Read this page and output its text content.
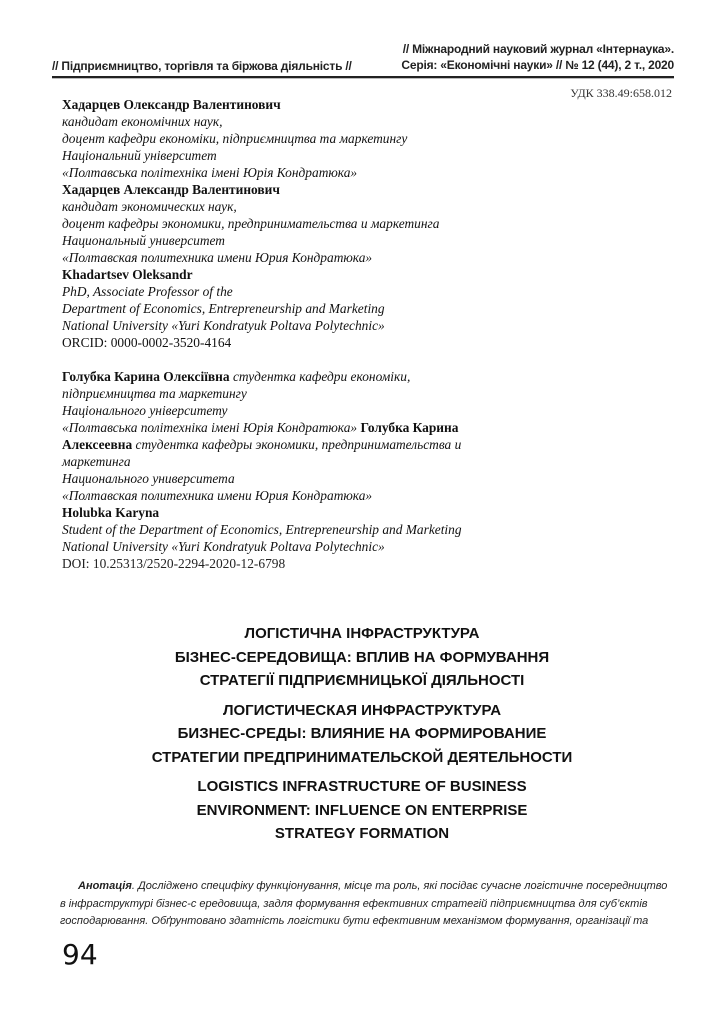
// Підприємництво, торгівля та біржова діяльність //
// Міжнародний науковий журнал «Інтернаука».
Серія: «Економічні науки» // № 12 (44), 2 т., 2020
УДК 338.49:658.012
Хадарцев Олександр Валентинович
кандидат економічних наук,
доцент кафедри економіки, підприємництва та маркетингу
Національний університет
«Полтавська політехніка імені Юрія Кондратюка»
Хадарцев Александр Валентинович
кандидат экономических наук,
доцент кафедры экономики, предпринимательства и маркетинга
Национальный университет
«Полтавская политехника имени Юрия Кондратюка»
Khadartsev Oleksandr
PhD, Associate Professor of the
Department of Economics, Entrepreneurship and Marketing
National University «Yuri Kondratyuk Poltava Polytechnic»
ORCID: 0000-0002-3520-4164
Голубка Карина Олексіївна студентка кафедри економіки,
підприємництва та маркетингу
Національного університету
«Полтавська політехніка імені Юрія Кондратюка» Голубка Карина
Алексеевна студентка кафедры экономики, предпринимательства и
маркетинга
Национального университета
«Полтавская политехника имени Юрия Кондратюка»
Holubka Karyna
Student of the Department of Economics, Entrepreneurship and Marketing
National University «Yuri Kondratyuk Poltava Polytechnic»
DOI: 10.25313/2520-2294-2020-12-6798
ЛОГІСТИЧНА ІНФРАСТРУКТУРА
БІЗНЕС-СЕРЕДОВИЩА: ВПЛИВ НА ФОРМУВАННЯ
СТРАТЕГІЇ ПІДПРИЄМНИЦЬКОЇ ДІЯЛЬНОСТІ
ЛОГИСТИЧЕСКАЯ ИНФРАСТРУКТУРА
БИЗНЕС-СРЕДЫ: ВЛИЯНИЕ НА ФОРМИРОВАНИЕ
СТРАТЕГИИ ПРЕДПРИНИМАТЕЛЬСКОЙ ДЕЯТЕЛЬНОСТИ
LOGISTICS INFRASTRUCTURE OF BUSINESS
ENVIRONMENT: INFLUENCE ON ENTERPRISE
STRATEGY FORMATION
Анотація. Досліджено специфіку функціонування, місце та роль, які посідає сучасне логістичне посередництво в інфраструктурі бізнес-с ередовища, задля формування ефективних стратегій підприємництва для суб’єктів господарювання. Обґрунтовано здатність логістики бути ефективним механізмом формування, організації та
94
